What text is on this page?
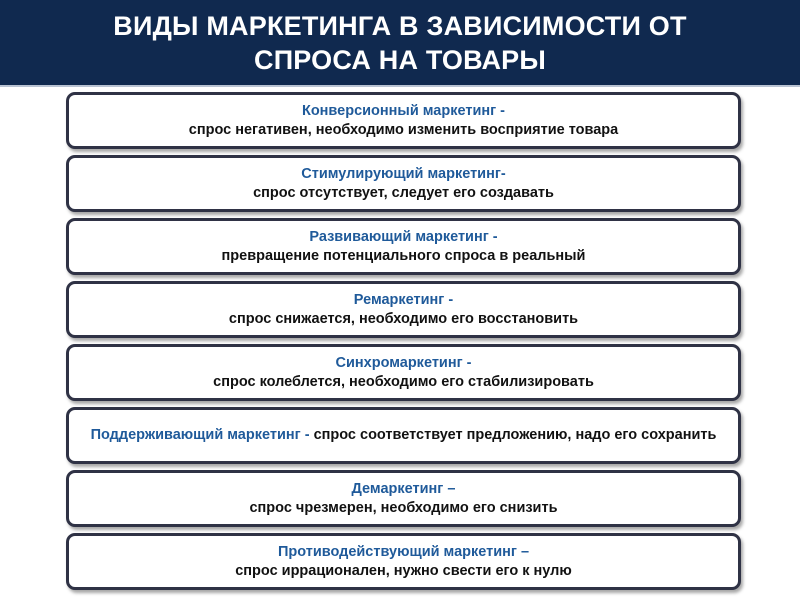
ВИДЫ МАРКЕТИНГА В ЗАВИСИМОСТИ ОТ
СПРОСА НА ТОВАРЫ
Конверсионный маркетинг -
спрос негативен, необходимо изменить восприятие товара
Стимулирующий маркетинг-
спрос отсутствует, следует его создавать
Развивающий маркетинг -
превращение потенциального спроса в реальный
Ремаркетинг -
спрос снижается, необходимо его восстановить
Синхромаркетинг -
спрос колеблется, необходимо его стабилизировать
Поддерживающий маркетинг - спрос соответствует предложению, надо его сохранить
Демаркетинг –
спрос чрезмерен, необходимо его снизить
Противодействующий маркетинг –
спрос иррационален, нужно свести его к нулю
